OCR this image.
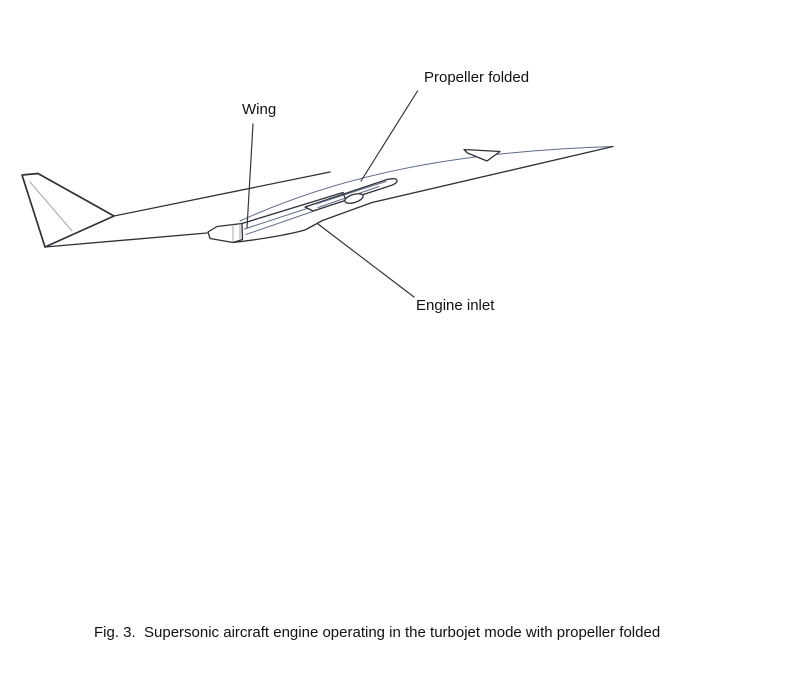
Wing
Propeller folded
Engine inlet
Fig. 3.  Supersonic aircraft engine operating in the turbojet mode with propeller folded
